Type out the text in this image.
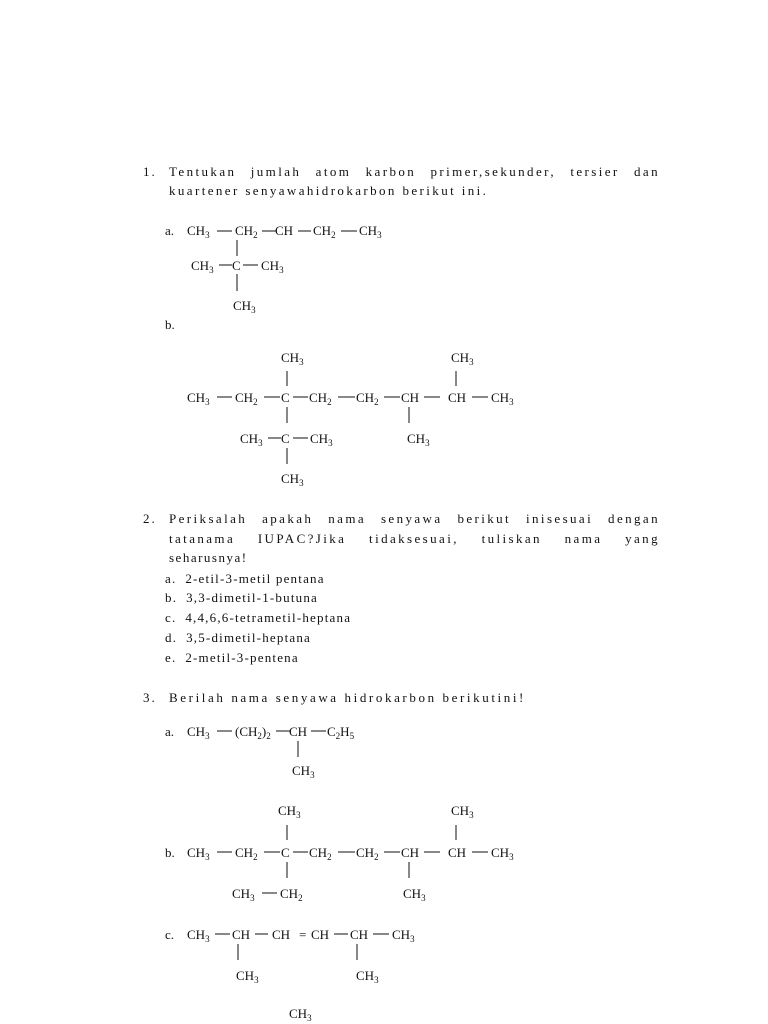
1. Tentukan jumlah atom karbon primer,sekunder, tersier dan
kuartener senyawahidrokarbon berikut ini.
a.
b.
2. Periksalah apakah nama senyawa berikut inisesuai dengan
tatanama IUPAC?Jika tidaksesuai, tuliskan nama yang
seharusnya!
a. 2-etil-3-metil pentana
b. 3,3-dimetil-1-butuna
c. 4,4,6,6-tetrametil-heptana
d. 3,5-dimetil-heptana
e. 2-metil-3-pentena
3. Berilah nama senyawa hidrokarbon berikutini!
a.
b.
c.
CH3 CH2 CH CH2 CH3
CH3 C CH3
CH3
CH3	CH3
CH3 CH2 C CH2 CH2 CH CH CH3
CH3 C CH3	CH3
CH3
CH3 (CH2)2 CH C2H5
CH3
CH3	CH3
CH3 CH2 C CH2 CH2 CH CH CH3
CH3 CH2	CH3
CH3 CH CH = CH CH CH3
CH3	CH3
CH3
